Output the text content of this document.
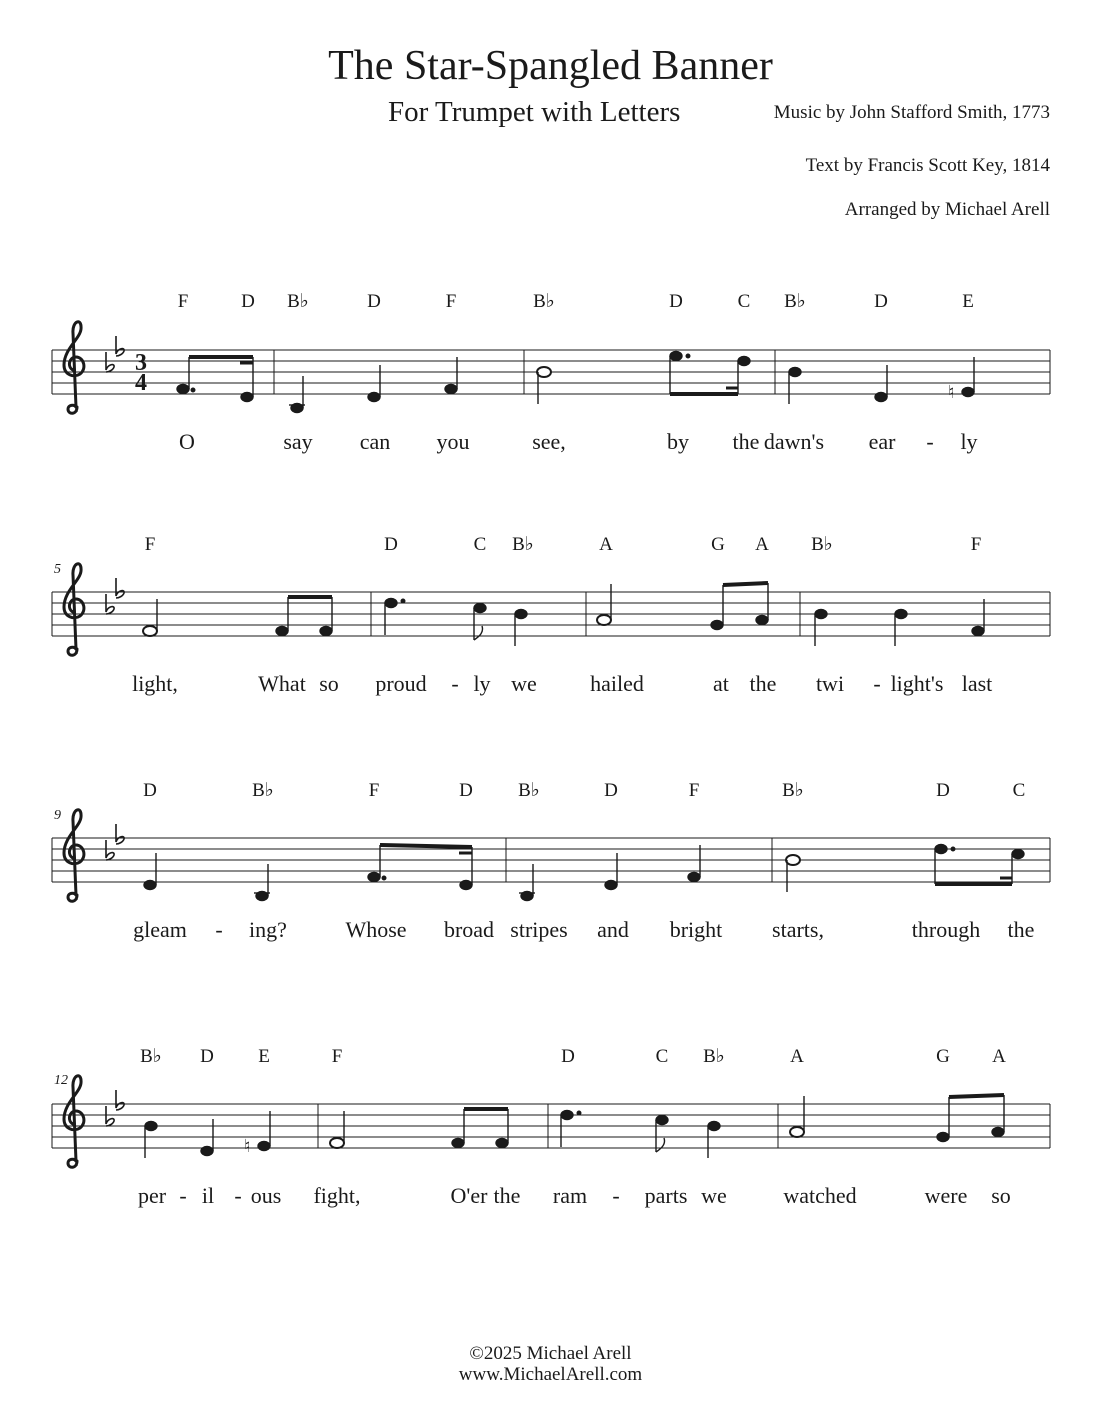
The Star-Spangled Banner
For Trumpet with Letters	Music by John Stafford Smith, 1773
Text by Francis Scott Key, 1814
Arranged by Michael Arell
3
4	♮
♮
5
9
12
F	D B♭	D	F	B♭	D	C B♭	D	E
F	D	C B♭	A	G A B♭	F
D	B♭	F	D B♭	D	F	B♭	D	C
B♭ D E	F	D	C B♭	A	G A
O	say can you	see,	by the dawn's ear - ly
light,	What so proud - ly we hailed	at the twi - light's last
gleam - ing?	Whose broad stripes and bright starts,	through the
per - il - ous fight,	O'er the ram - parts we	watched	were so
©2025 Michael Arell
www.MichaelArell.com
